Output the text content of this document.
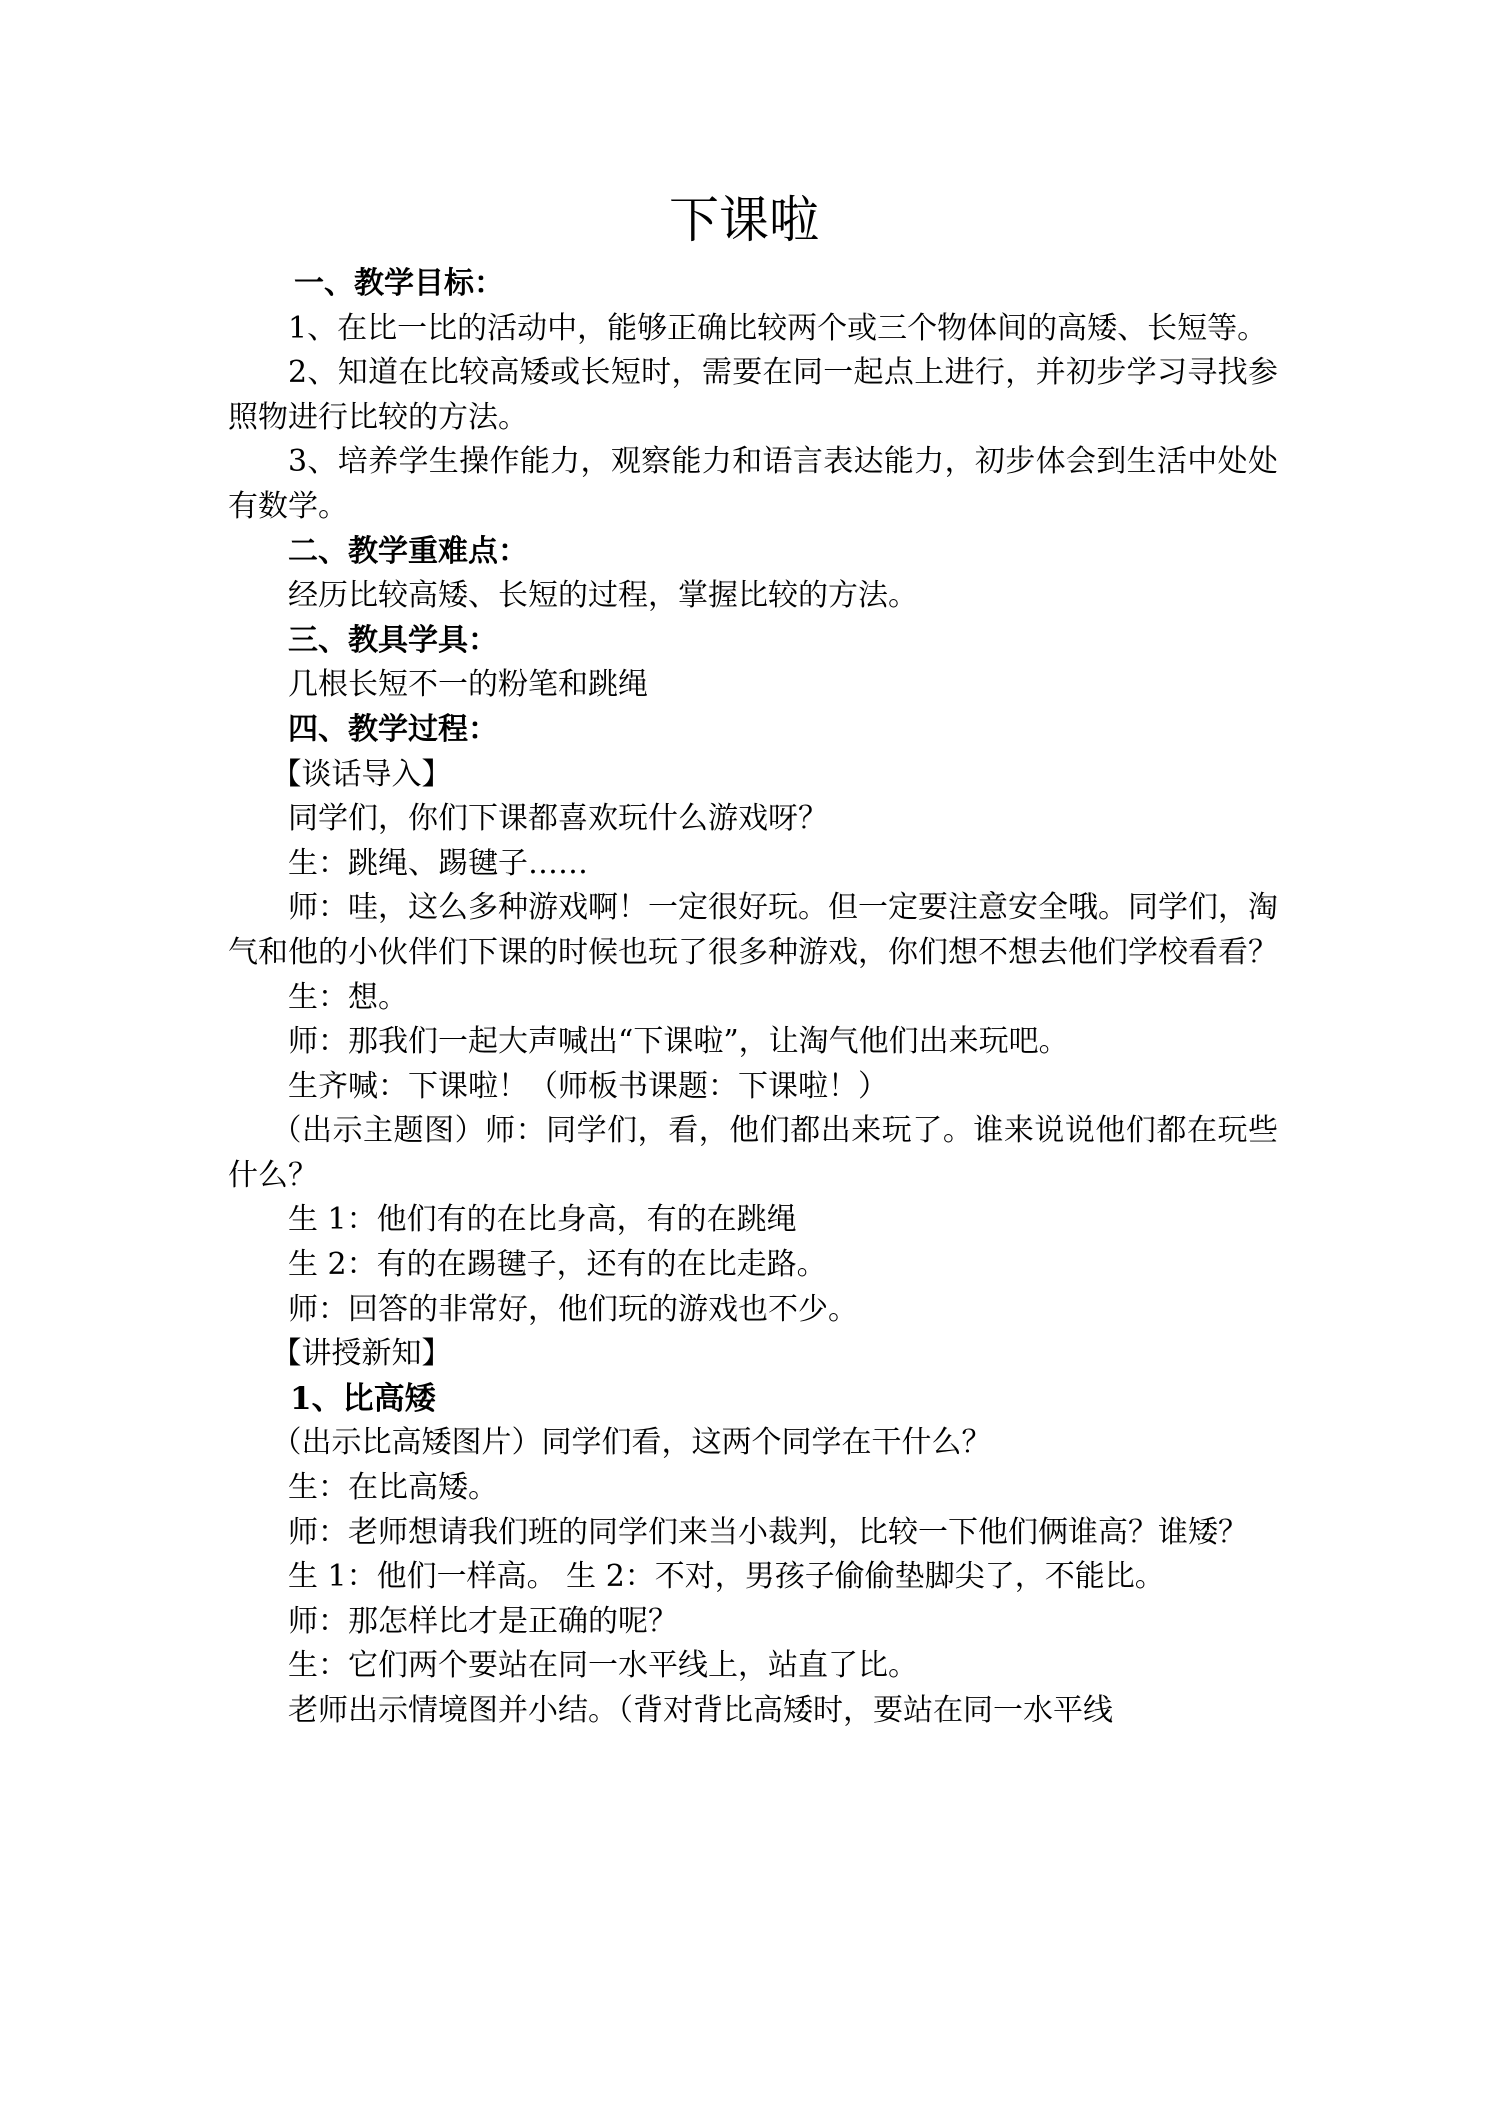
下课啦

一、教学目标：

1、在比一比的活动中，能够正确比较两个或三个物体间的高矮、长短等。

2、知道在比较高矮或长短时，需要在同一起点上进行，并初步学习寻找参照物进行比较的方法。

3、培养学生操作能力，观察能力和语言表达能力，初步体会到生活中处处有数学。

二、教学重难点：

经历比较高矮、长短的过程，掌握比较的方法。

三、教具学具：

几根长短不一的粉笔和跳绳

四、教学过程：

【谈话导入】

同学们，你们下课都喜欢玩什么游戏呀？

生：跳绳、踢毽子……

师：哇，这么多种游戏啊！一定很好玩。但一定要注意安全哦。同学们，淘气和他的小伙伴们下课的时候也玩了很多种游戏，你们想不想去他们学校看看？

生：想。

师：那我们一起大声喊出“下课啦”，让淘气他们出来玩吧。

生齐喊：下课啦！（师板书课题：下课啦！）

（出示主题图）师：同学们，看，他们都出来玩了。谁来说说他们都在玩些什么？

生 1：他们有的在比身高，有的在跳绳

生 2：有的在踢毽子，还有的在比走路。

师：回答的非常好，他们玩的游戏也不少。

【讲授新知】

1、比高矮

（出示比高矮图片）同学们看，这两个同学在干什么？

生：在比高矮。

师：老师想请我们班的同学们来当小裁判，比较一下他们俩谁高？谁矮？

生 1：他们一样高。 生 2：不对，男孩子偷偷垫脚尖了，不能比。

师：那怎样比才是正确的呢？

生：它们两个要站在同一水平线上，站直了比。

老师出示情境图并小结。（背对背比高矮时，要站在同一水平线
